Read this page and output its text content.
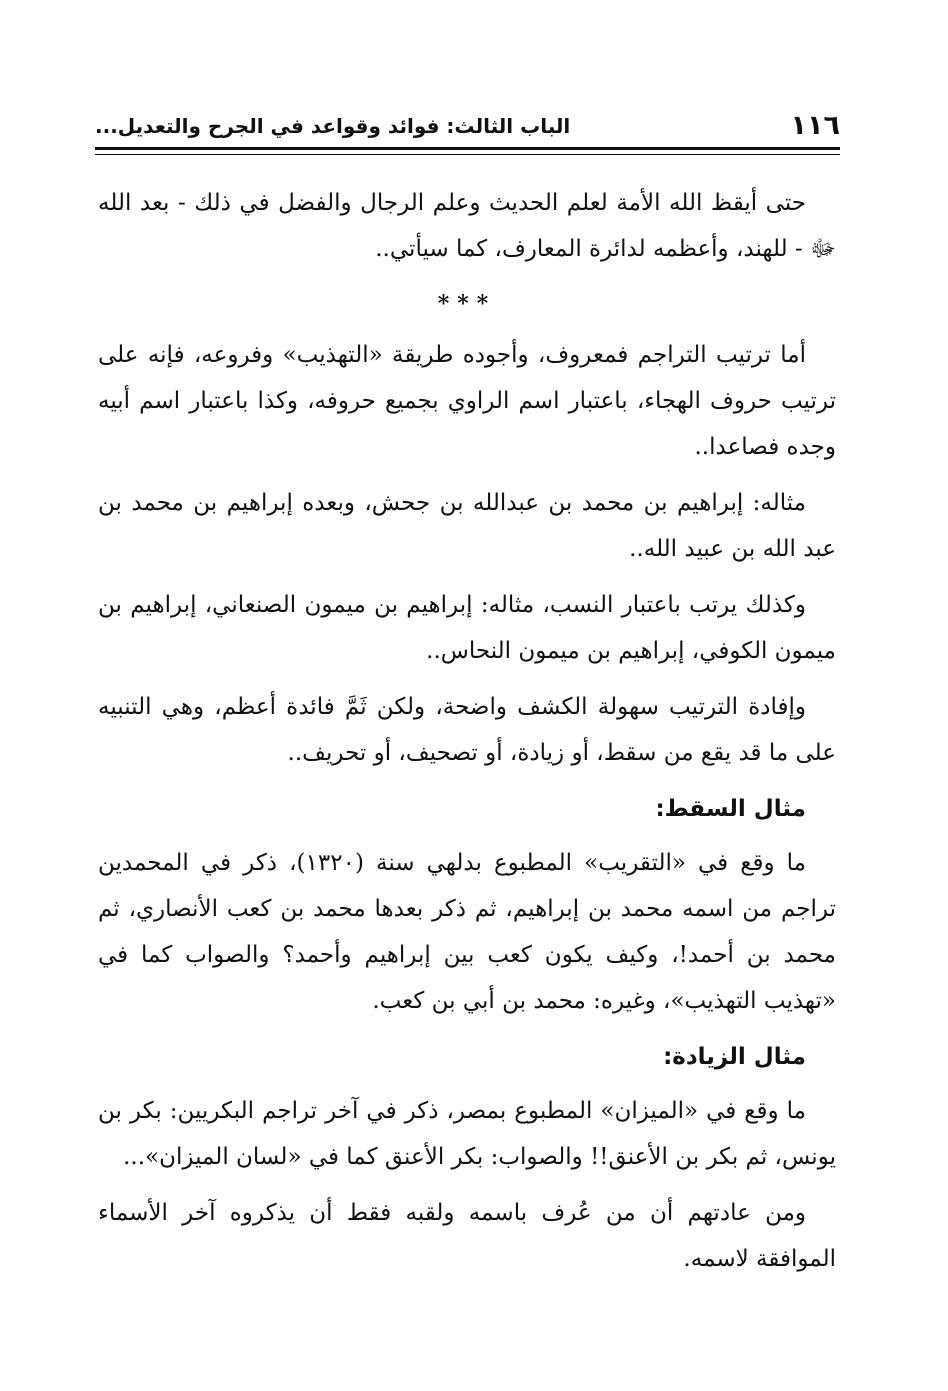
١١٦
الباب الثالث: فوائد وقواعد في الجرح والتعديل...

حتى أيقظ الله الأمة لعلم الحديث وعلم الرجال والفضل في ذلك - بعد الله ﷻ - للهند، وأعظمه لدائرة المعارف، كما سيأتي..

***

أما ترتيب التراجم فمعروف، وأجوده طريقة «التهذيب» وفروعه، فإنه على ترتيب حروف الهجاء، باعتبار اسم الراوي بجميع حروفه، وكذا باعتبار اسم أبيه وجده فصاعدا..

مثاله: إبراهيم بن محمد بن عبدالله بن جحش، وبعده إبراهيم بن محمد بن عبد الله بن عبيد الله..

وكذلك يرتب باعتبار النسب، مثاله: إبراهيم بن ميمون الصنعاني، إبراهيم بن ميمون الكوفي، إبراهيم بن ميمون النحاس..

وإفادة الترتيب سهولة الكشف واضحة، ولكن ثَمَّ فائدة أعظم، وهي التنبيه على ما قد يقع من سقط، أو زيادة، أو تصحيف، أو تحريف..

مثال السقط:

ما وقع في «التقريب» المطبوع بدلهي سنة (١٣٢٠)، ذكر في المحمدين تراجم من اسمه محمد بن إبراهيم، ثم ذكر بعدها محمد بن كعب الأنصاري، ثم محمد بن أحمد!، وكيف يكون كعب بين إبراهيم وأحمد؟ والصواب كما في «تهذيب التهذيب»، وغيره: محمد بن أبي بن كعب.

مثال الزيادة:

ما وقع في «الميزان» المطبوع بمصر، ذكر في آخر تراجم البكريين: بكر بن يونس، ثم بكر بن الأعنق!! والصواب: بكر الأعنق كما في «لسان الميزان»...

ومن عادتهم أن من عُرف باسمه ولقبه فقط أن يذكروه آخر الأسماء الموافقة لاسمه.
